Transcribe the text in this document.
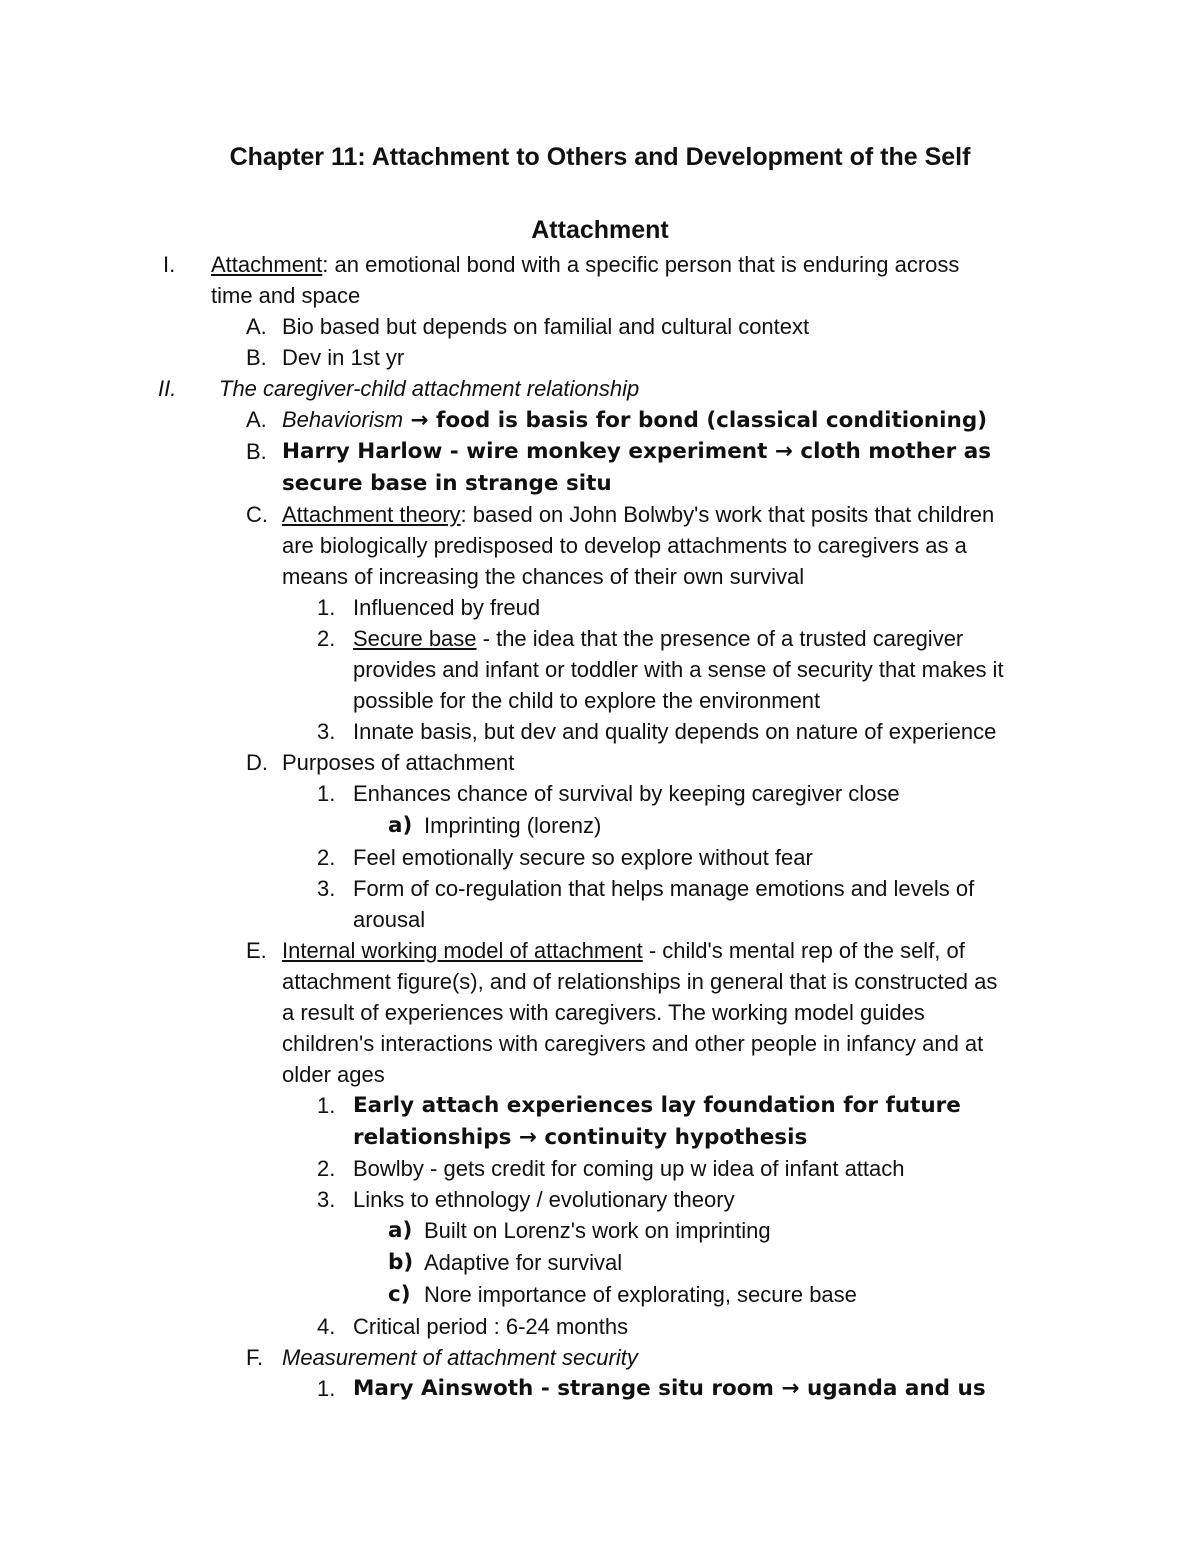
Chapter 11: Attachment to Others and Development of the Self
Attachment
I. Attachment: an emotional bond with a specific person that is enduring across
time and space
A. Bio based but depends on familial and cultural context
B. Dev in 1st yr
II. The caregiver-child attachment relationship
A. Behaviorism → food is basis for bond (classical conditioning)
B. Harry Harlow - wire monkey experiment → cloth mother as
secure base in strange situ
C. Attachment theory: based on John Bolwby's work that posits that children
are biologically predisposed to develop attachments to caregivers as a
means of increasing the chances of their own survival
1. Influenced by freud
2. Secure base - the idea that the presence of a trusted caregiver
provides and infant or toddler with a sense of security that makes it
possible for the child to explore the environment
3. Innate basis, but dev and quality depends on nature of experience
D. Purposes of attachment
1. Enhances chance of survival by keeping caregiver close
a) Imprinting (lorenz)
2. Feel emotionally secure so explore without fear
3. Form of co-regulation that helps manage emotions and levels of
arousal
E. Internal working model of attachment - child's mental rep of the self, of
attachment figure(s), and of relationships in general that is constructed as
a result of experiences with caregivers. The working model guides
children's interactions with caregivers and other people in infancy and at
older ages
1. Early attach experiences lay foundation for future
relationships → continuity hypothesis
2. Bowlby - gets credit for coming up w idea of infant attach
3. Links to ethnology / evolutionary theory
a) Built on Lorenz's work on imprinting
b) Adaptive for survival
c) Nore importance of explorating, secure base
4. Critical period : 6-24 months
F. Measurement of attachment security
1. Mary Ainswoth - strange situ room → uganda and us
